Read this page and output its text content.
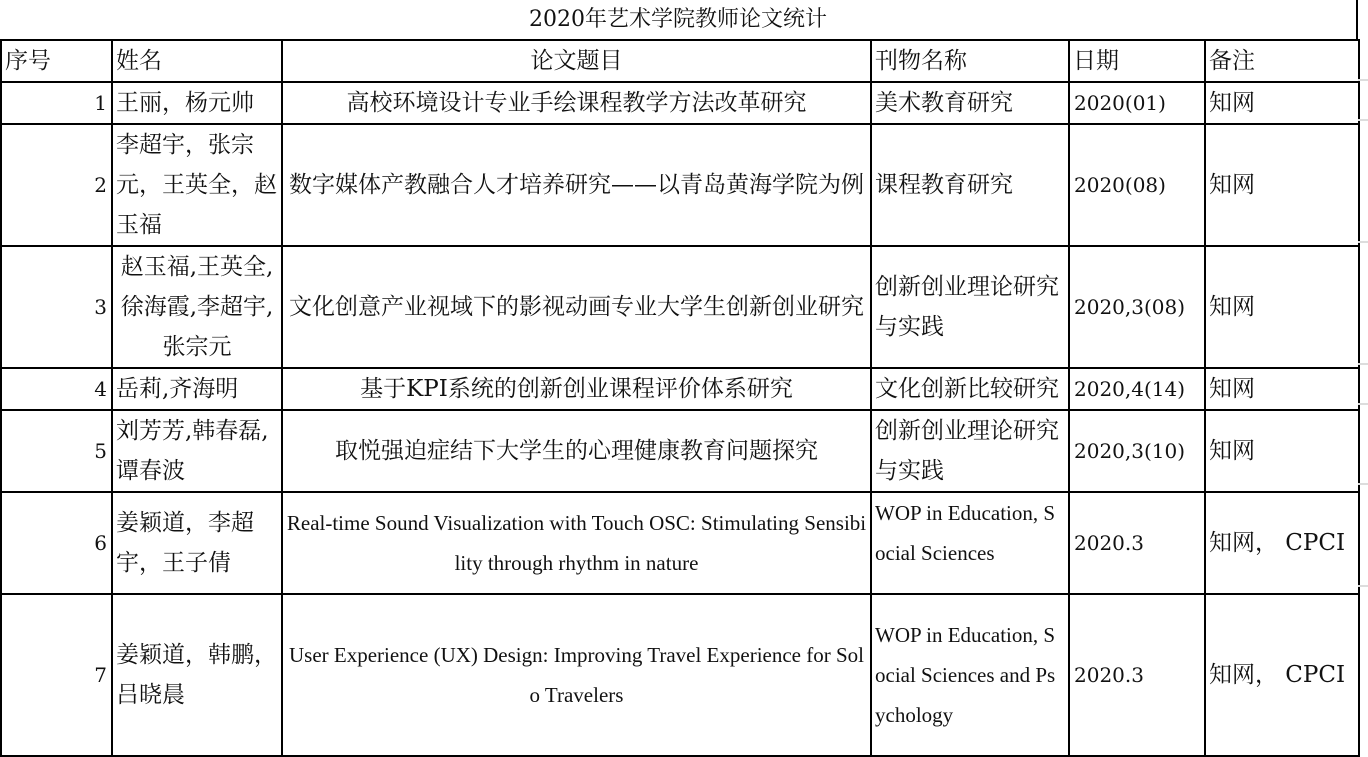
2020年艺术学院教师论文统计
序号	姓名	论文题目	刊物名称	日期	备注
1	王丽，杨元帅	高校环境设计专业手绘课程教学方法改革研究	美术教育研究	2020(01)	知网
2	李超宇，张宗元，王英全，赵玉福	数字媒体产教融合人才培养研究——以青岛黄海学院为例	课程教育研究	2020(08)	知网
3	赵玉福,王英全,徐海霞,李超宇,张宗元	文化创意产业视域下的影视动画专业大学生创新创业研究	创新创业理论研究与实践	2020,3(08)	知网
4	岳莉,齐海明	基于KPI系统的创新创业课程评价体系研究	文化创新比较研究	2020,4(14)	知网
5	刘芳芳,韩春磊,谭春波	取悦强迫症结下大学生的心理健康教育问题探究	创新创业理论研究与实践	2020,3(10)	知网
6	姜颖道，李超宇，王子倩	Real-time Sound Visualization with Touch OSC: Stimulating Sensibility through rhythm in nature	WOP in Education, Social Sciences	2020.3	知网， CPCI
7	姜颖道，韩鹏，吕晓晨	User Experience (UX) Design: Improving Travel Experience for Solo Travelers	WOP in Education, Social Sciences and Psychology	2020.3	知网， CPCI
